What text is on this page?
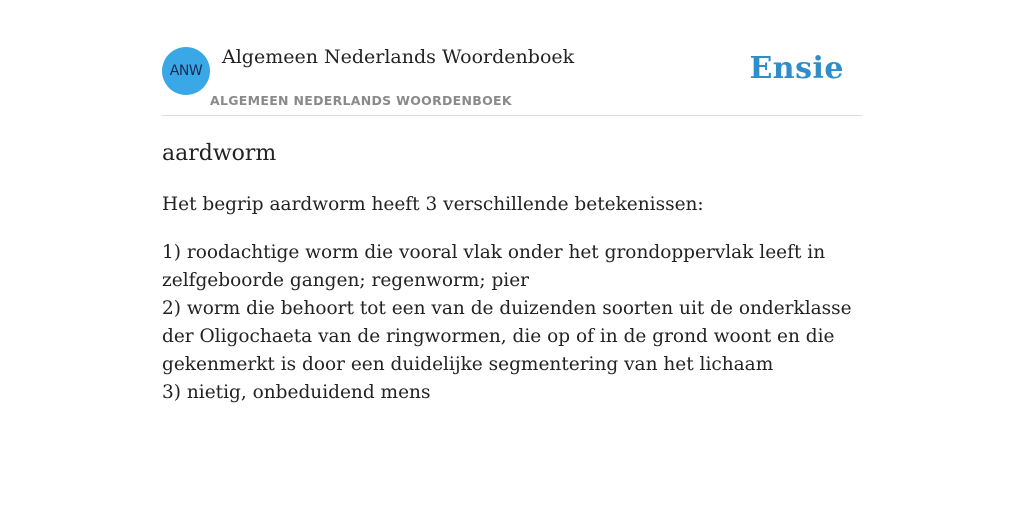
ANW
Algemeen Nederlands Woordenboek
ALGEMEEN NEDERLANDS WOORDENBOEK
Ensie
aardworm
Het begrip aardworm heeft 3 verschillende betekenissen:
1) roodachtige worm die vooral vlak onder het grondoppervlak leeft in zelfgeboorde gangen; regenworm; pier
2) worm die behoort tot een van de duizenden soorten uit de onderklasse der Oligochaeta van de ringwormen, die op of in de grond woont en die gekenmerkt is door een duidelijke segmentering van het lichaam
3) nietig, onbeduidend mens
